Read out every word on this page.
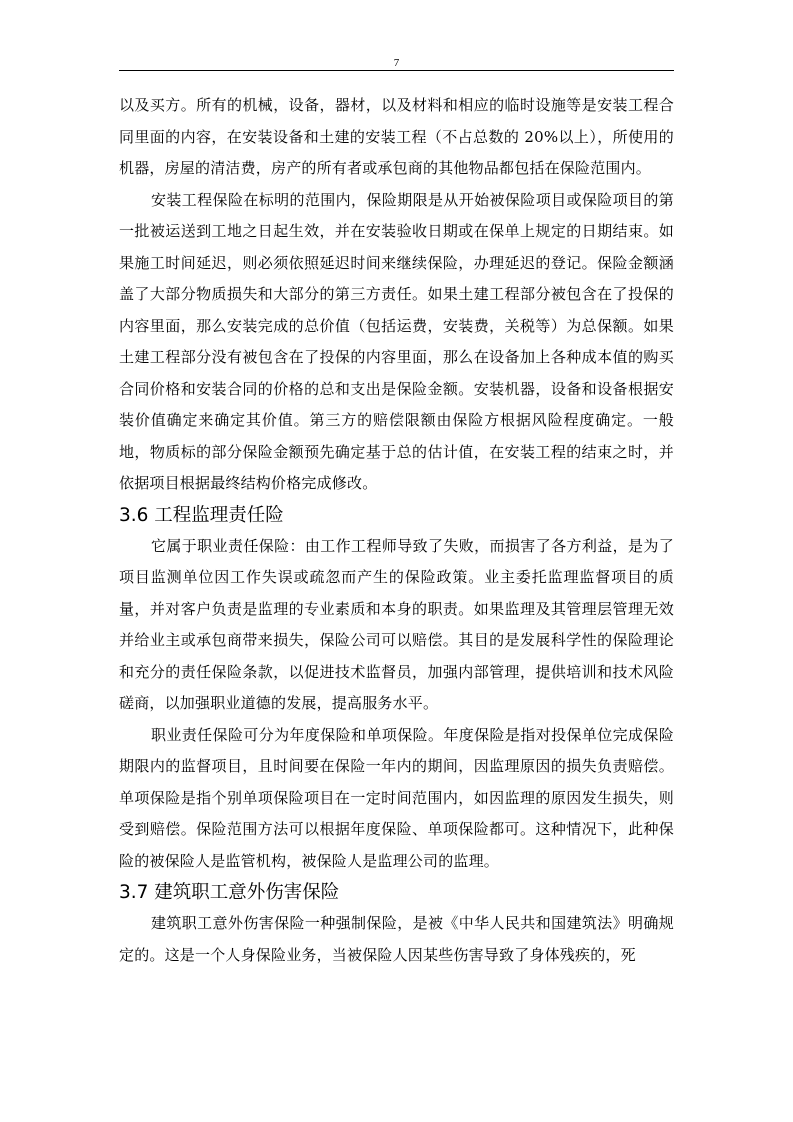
7

以及买方。所有的机械，设备，器材，以及材料和相应的临时设施等是安装工程合同里面的内容，在安装设备和土建的安装工程（不占总数的 20%以上），所使用的机器，房屋的清洁费，房产的所有者或承包商的其他物品都包括在保险范围内。

安装工程保险在标明的范围内，保险期限是从开始被保险项目或保险项目的第一批被运送到工地之日起生效，并在安装验收日期或在保单上规定的日期结束。如果施工时间延迟，则必须依照延迟时间来继续保险，办理延迟的登记。保险金额涵盖了大部分物质损失和大部分的第三方责任。如果土建工程部分被包含在了投保的内容里面，那么安装完成的总价值（包括运费，安装费，关税等）为总保额。如果土建工程部分没有被包含在了投保的内容里面，那么在设备加上各种成本值的购买合同价格和安装合同的价格的总和支出是保险金额。安装机器，设备和设备根据安装价值确定来确定其价值。第三方的赔偿限额由保险方根据风险程度确定。一般地，物质标的部分保险金额预先确定基于总的估计值，在安装工程的结束之时，并依据项目根据最终结构价格完成修改。

3.6 工程监理责任险

它属于职业责任保险：由工作工程师导致了失败，而损害了各方利益，是为了项目监测单位因工作失误或疏忽而产生的保险政策。业主委托监理监督项目的质量，并对客户负责是监理的专业素质和本身的职责。如果监理及其管理层管理无效并给业主或承包商带来损失，保险公司可以赔偿。其目的是发展科学性的保险理论和充分的责任保险条款，以促进技术监督员，加强内部管理，提供培训和技术风险磋商，以加强职业道德的发展，提高服务水平。

职业责任保险可分为年度保险和单项保险。年度保险是指对投保单位完成保险期限内的监督项目，且时间要在保险一年内的期间，因监理原因的损失负责赔偿。单项保险是指个别单项保险项目在一定时间范围内，如因监理的原因发生损失，则受到赔偿。保险范围方法可以根据年度保险、单项保险都可。这种情况下，此种保险的被保险人是监管机构，被保险人是监理公司的监理。

3.7 建筑职工意外伤害保险

建筑职工意外伤害保险一种强制保险，是被《中华人民共和国建筑法》明确规定的。这是一个人身保险业务，当被保险人因某些伤害导致了身体残疾的，死
